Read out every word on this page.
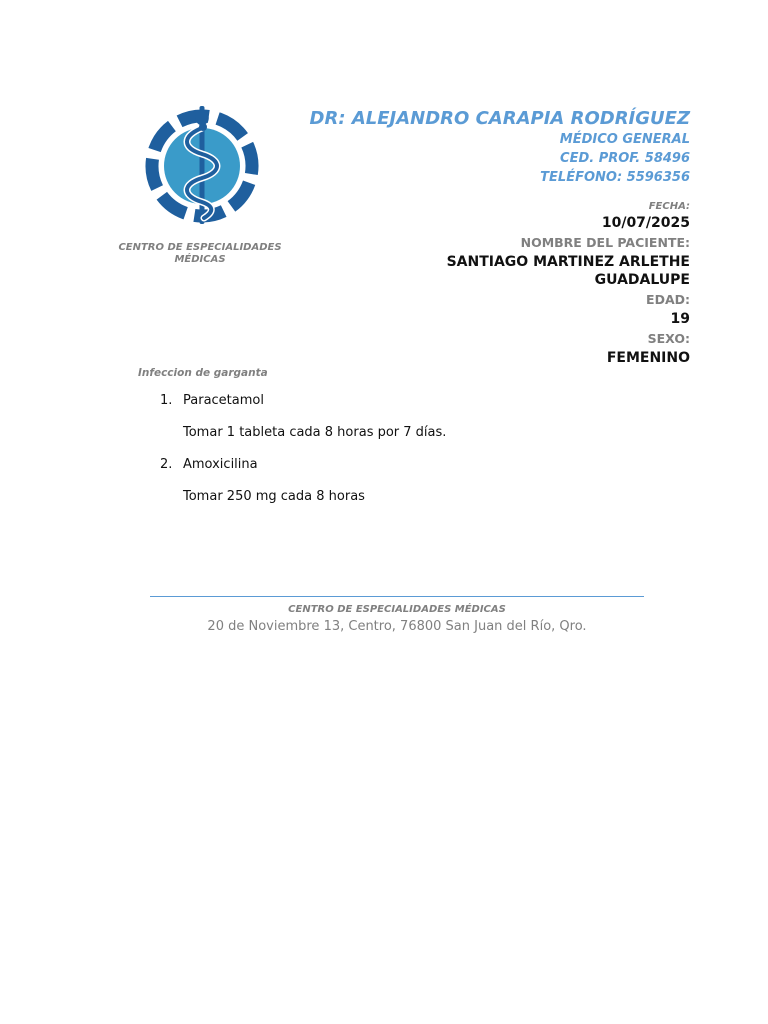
CENTRO DE ESPECIALIDADES MÉDICAS
DR: ALEJANDRO CARAPIA RODRÍGUEZ
MÉDICO GENERAL
CED. PROF. 58496
TELÉFONO: 5596356
FECHA:
10/07/2025
NOMBRE DEL PACIENTE:
SANTIAGO MARTINEZ ARLETHE GUADALUPE
EDAD:
19
SEXO:
FEMENINO
Infeccion de garganta
1. Paracetamol
Tomar 1 tableta cada 8 horas por 7 días.
2. Amoxicilina
Tomar 250 mg cada 8 horas
CENTRO DE ESPECIALIDADES MÉDICAS
20 de Noviembre 13, Centro, 76800 San Juan del Río, Qro.
